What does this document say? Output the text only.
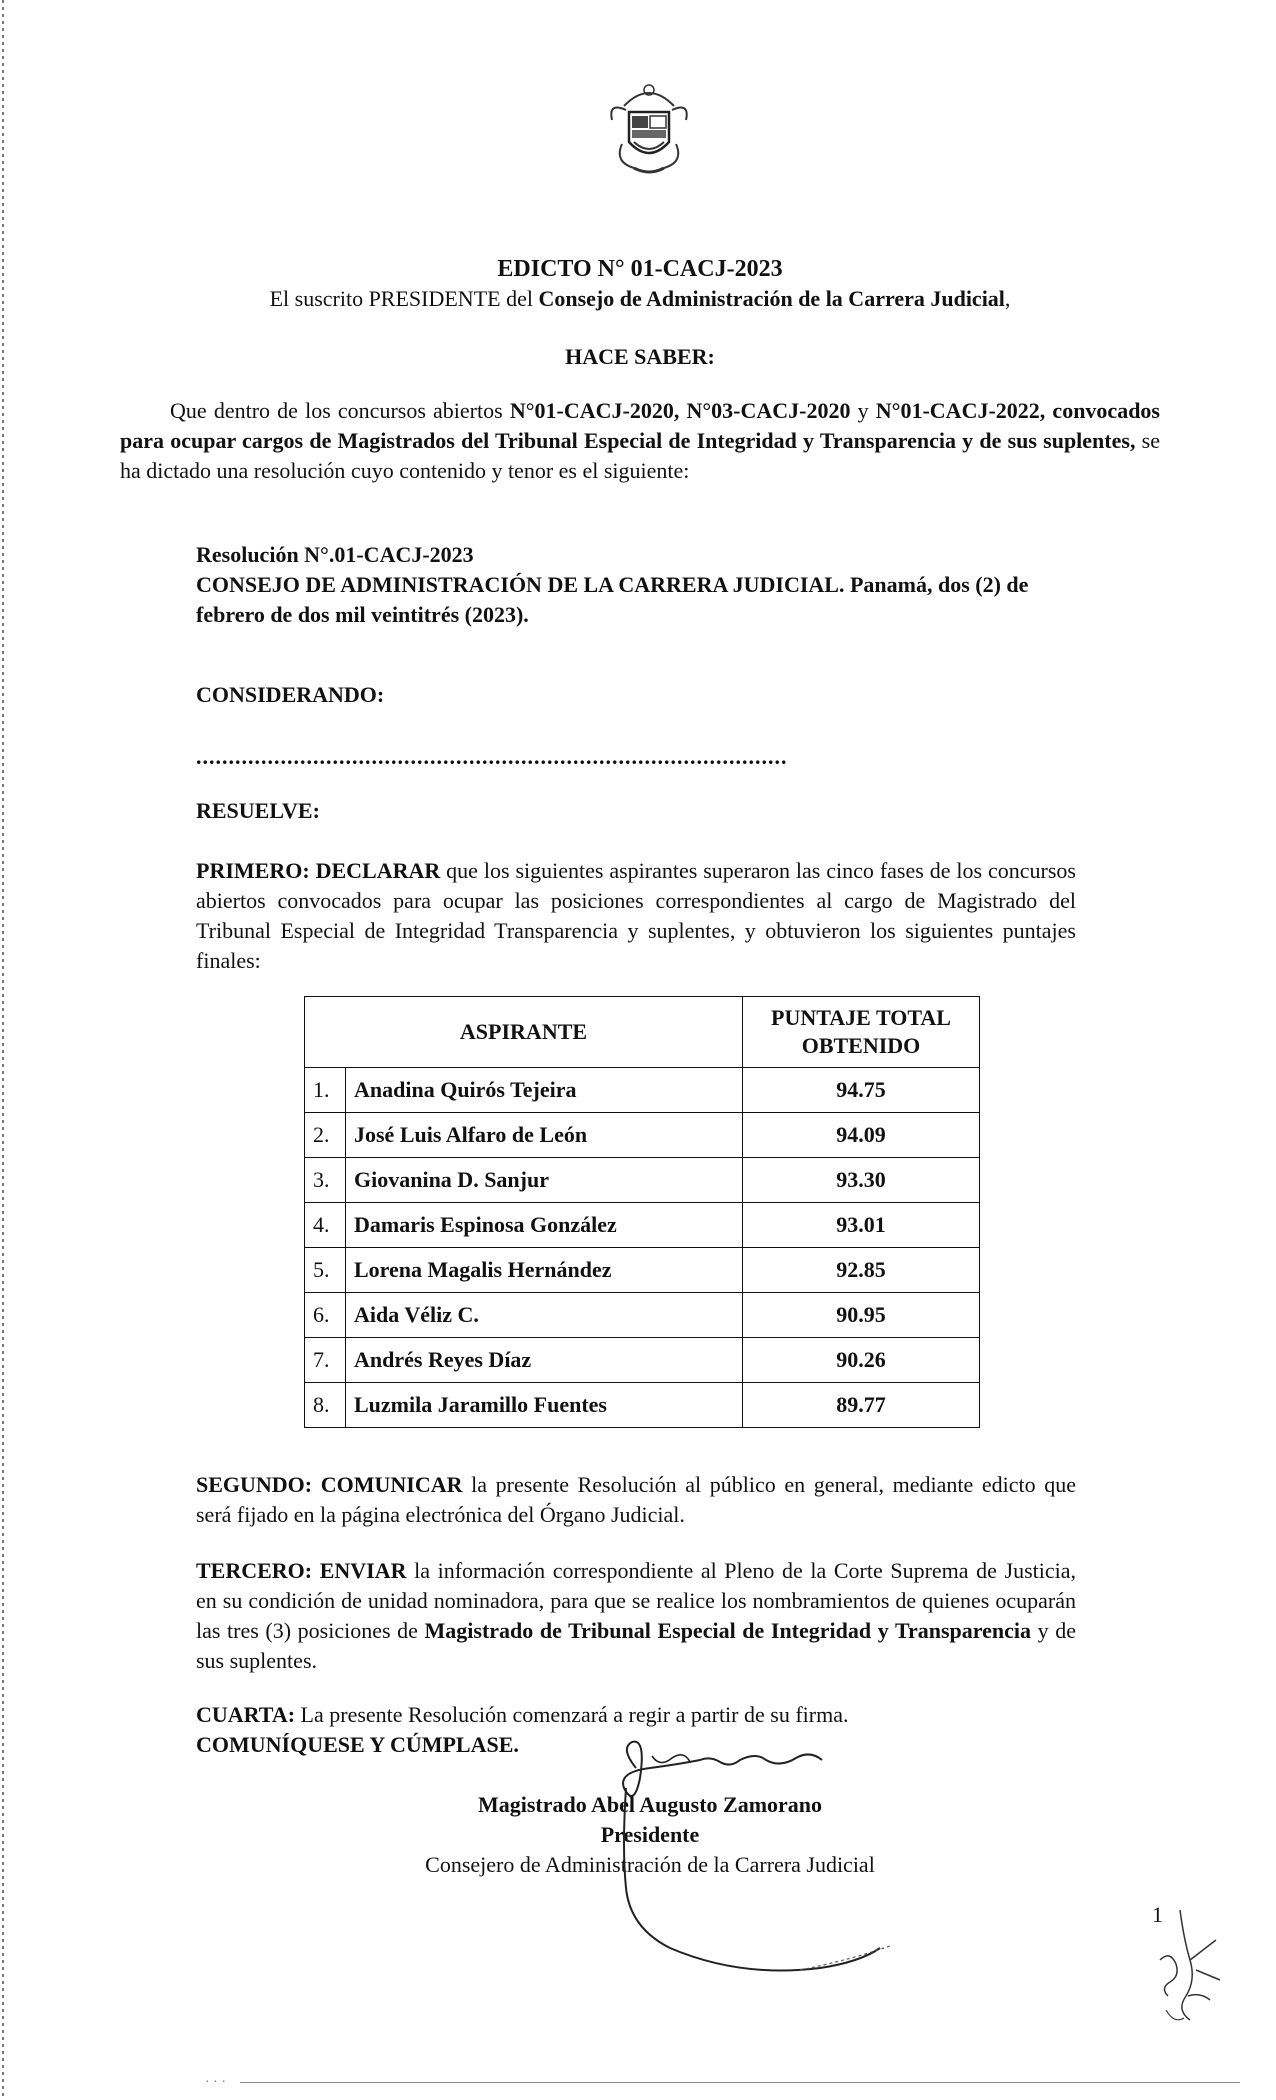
EDICTO N° 01-CACJ-2023
El suscrito PRESIDENTE del Consejo de Administración de la Carrera Judicial,
HACE SABER:
Que dentro de los concursos abiertos N°01-CACJ-2020, N°03-CACJ-2020 y N°01-CACJ-2022, convocados para ocupar cargos de Magistrados del Tribunal Especial de Integridad y Transparencia y de sus suplentes, se ha dictado una resolución cuyo contenido y tenor es el siguiente:
Resolución N°.01-CACJ-2023
CONSEJO DE ADMINISTRACIÓN DE LA CARRERA JUDICIAL. Panamá, dos (2) de febrero de dos mil veintitrés (2023).
CONSIDERANDO:
...........................................................................................
RESUELVE:
PRIMERO: DECLARAR que los siguientes aspirantes superaron las cinco fases de los concursos abiertos convocados para ocupar las posiciones correspondientes al cargo de Magistrado del Tribunal Especial de Integridad Transparencia y suplentes, y obtuvieron los siguientes puntajes finales:
ASPIRANTE		PUNTAJE TOTAL OBTENIDO
1.	Anadina Quirós Tejeira	94.75
2.	José Luis Alfaro de León	94.09
3.	Giovanina D. Sanjur	93.30
4.	Damaris Espinosa González	93.01
5.	Lorena Magalis Hernández	92.85
6.	Aida Véliz C.	90.95
7.	Andrés Reyes Díaz	90.26
8.	Luzmila Jaramillo Fuentes	89.77
SEGUNDO: COMUNICAR la presente Resolución al público en general, mediante edicto que será fijado en la página electrónica del Órgano Judicial.
TERCERO: ENVIAR la información correspondiente al Pleno de la Corte Suprema de Justicia, en su condición de unidad nominadora, para que se realice los nombramientos de quienes ocuparán las tres (3) posiciones de Magistrado de Tribunal Especial de Integridad y Transparencia y de sus suplentes.
CUARTA: La presente Resolución comenzará a regir a partir de su firma.
COMUNÍQUESE Y CÚMPLASE.
Magistrado Abel Augusto Zamorano
Presidente
Consejero de Administración de la Carrera Judicial
1
· · ·
